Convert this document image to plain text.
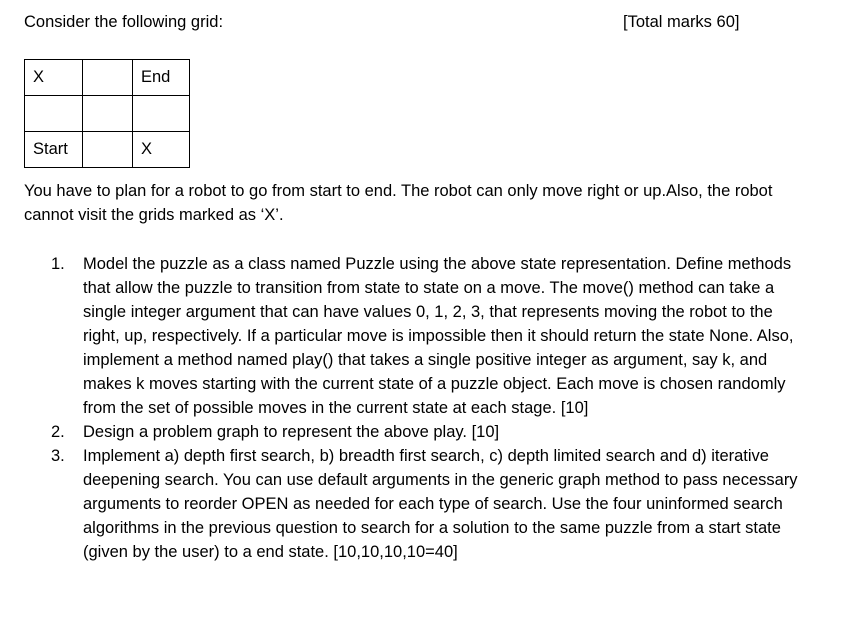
Consider the following grid:	[Total marks 60]
X		End

Start		X

You have to plan for a robot to go from start to end. The robot can only move right or up.Also, the robot cannot visit the grids marked as ‘X’.

1. Model the puzzle as a class named Puzzle using the above state representation. Define methods that allow the puzzle to transition from state to state on a move. The move() method can take a single integer argument that can have values 0, 1, 2, 3, that represents moving the robot to the right, up, respectively. If a particular move is impossible then it should return the state None. Also, implement a method named play() that takes a single positive integer as argument, say k, and makes k moves starting with the current state of a puzzle object. Each move is chosen randomly from the set of possible moves in the current state at each stage. [10]
2. Design a problem graph to represent the above play. [10]
3. Implement a) depth first search, b) breadth first search, c) depth limited search and d) iterative deepening search. You can use default arguments in the generic graph method to pass necessary arguments to reorder OPEN as needed for each type of search. Use the four uninformed search algorithms in the previous question to search for a solution to the same puzzle from a start state (given by the user) to a end state. [10,10,10,10=40]
